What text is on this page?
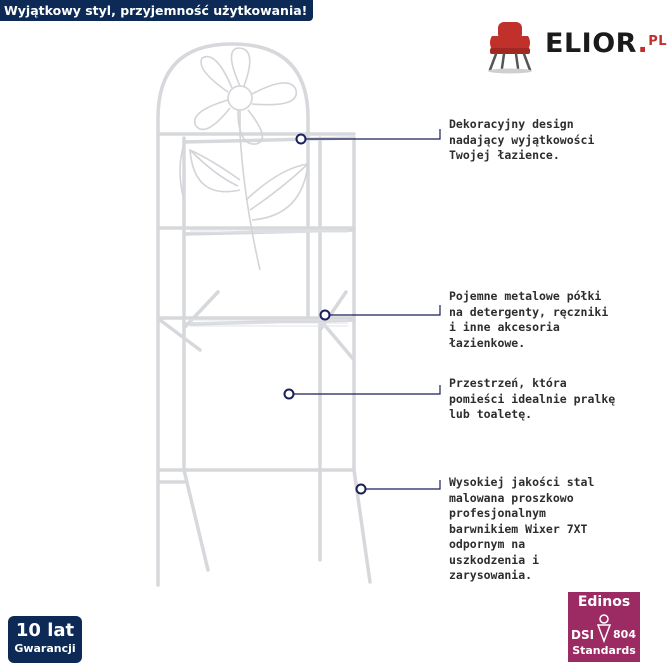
Wyjątkowy styl, przyjemność użytkowania!
ELIOR.$^{PL}$
Dekoracyjny design
nadający wyjątkowości
Twojej łazience.
Pojemne metalowe półki
na detergenty, ręczniki
i inne akcesoria
łazienkowe.
Przestrzeń, która
pomieści idealnie pralkę
lub toaletę.
Wysokiej jakości stal
malowana proszkowo
profesjonalnym
barwnikiem Wixer 7XT
odpornym na
uszkodzenia i
zarysowania.
10 lat
Gwarancji
Edinos
DSI 804
Standards
